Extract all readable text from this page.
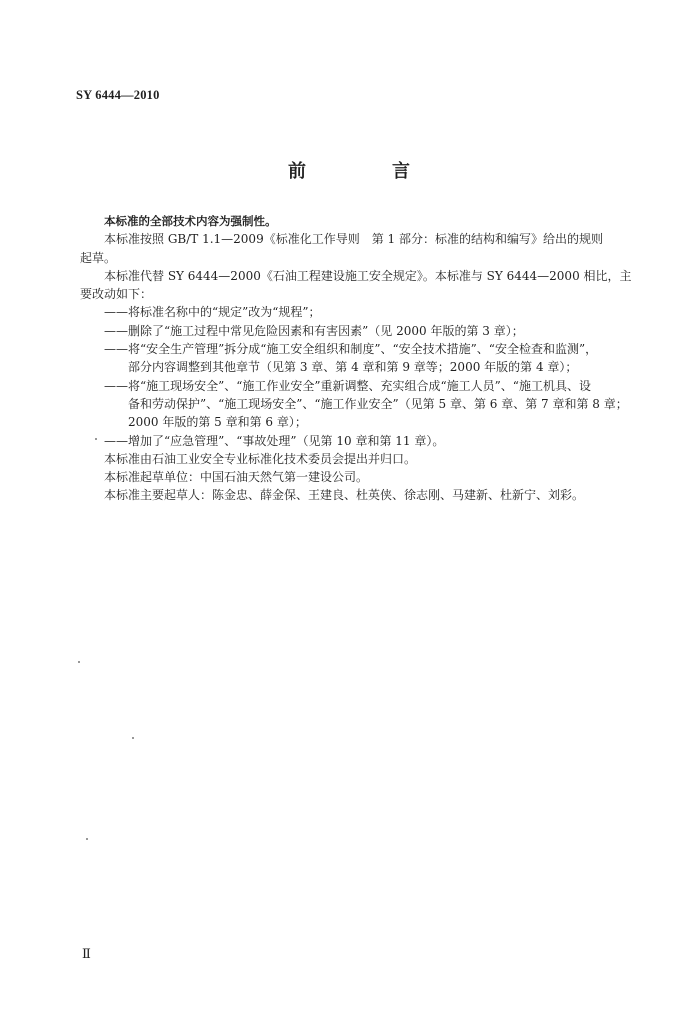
SY 6444—2010
前　言

本标准的全部技术内容为强制性。

本标准按照 GB/T 1.1—2009《标准化工作导则　第 1 部分：标准的结构和编写》给出的规则

起草。

本标准代替 SY 6444—2000《石油工程建设施工安全规定》。本标准与 SY 6444—2000 相比，主

要改动如下：

——将标准名称中的“规定”改为“规程”；

——删除了“施工过程中常见危险因素和有害因素”（见 2000 年版的第 3 章）；

——将“安全生产管理”拆分成“施工安全组织和制度”、“安全技术措施”、“安全检查和监测”，

部分内容调整到其他章节（见第 3 章、第 4 章和第 9 章等；2000 年版的第 4 章）；

——将“施工现场安全”、“施工作业安全”重新调整、充实组合成“施工人员”、“施工机具、设

备和劳动保护”、“施工现场安全”、“施工作业安全”（见第 5 章、第 6 章、第 7 章和第 8 章；

2000 年版的第 5 章和第 6 章）；

——增加了“应急管理”、“事故处理”（见第 10 章和第 11 章）。

本标准由石油工业安全专业标准化技术委员会提出并归口。

本标准起草单位：中国石油天然气第一建设公司。

本标准主要起草人：陈金忠、薛金保、王建良、杜英侠、徐志刚、马建新、杜新宁、刘彩。

Ⅱ
